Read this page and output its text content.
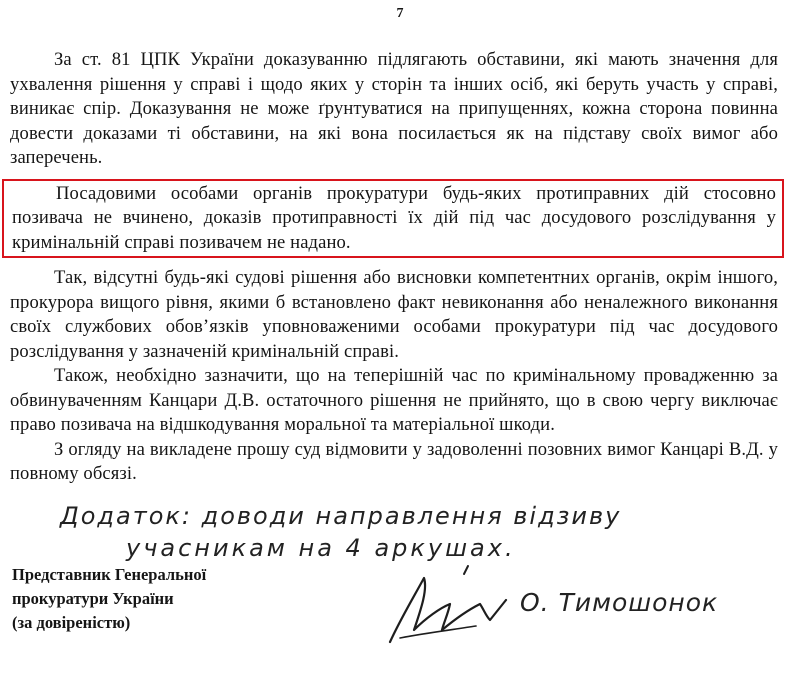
7

За ст. 81 ЦПК України доказуванню підлягають обставини, які мають значення для ухвалення рішення у справі і щодо яких у сторін та інших осіб, які беруть участь у справі, виникає спір. Доказування не може ґрунтуватися на припущеннях, кожна сторона повинна довести доказами ті обставини, на які вона посилається як на підставу своїх вимог або заперечень.

Посадовими особами органів прокуратури будь-яких протиправних дій стосовно позивача не вчинено, доказів протиправності їх дій під час досудового розслідування у кримінальній справі позивачем не надано.

Так, відсутні будь-які судові рішення або висновки компетентних органів, окрім іншого, прокурора вищого рівня, якими б встановлено факт невиконання або неналежного виконання своїх службових обов’язків уповноваженими особами прокуратури під час досудового розслідування у зазначеній кримінальній справі.

Також, необхідно зазначити, що на теперішній час по кримінальному провадженню за обвинуваченням Канцари Д.В. остаточного рішення не прийнято, що в свою чергу виключає право позивача на відшкодування моральної та матеріальної шкоди.

З огляду на викладене прошу суд відмовити у задоволенні позовних вимог Канцарі В.Д. у повному обсязі.

Додаток: доводи направлення відзиву
учасникам на 4 аркушах.
Представник Генеральної
прокуратури України
(за довіреністю)
О. Тимошонок
